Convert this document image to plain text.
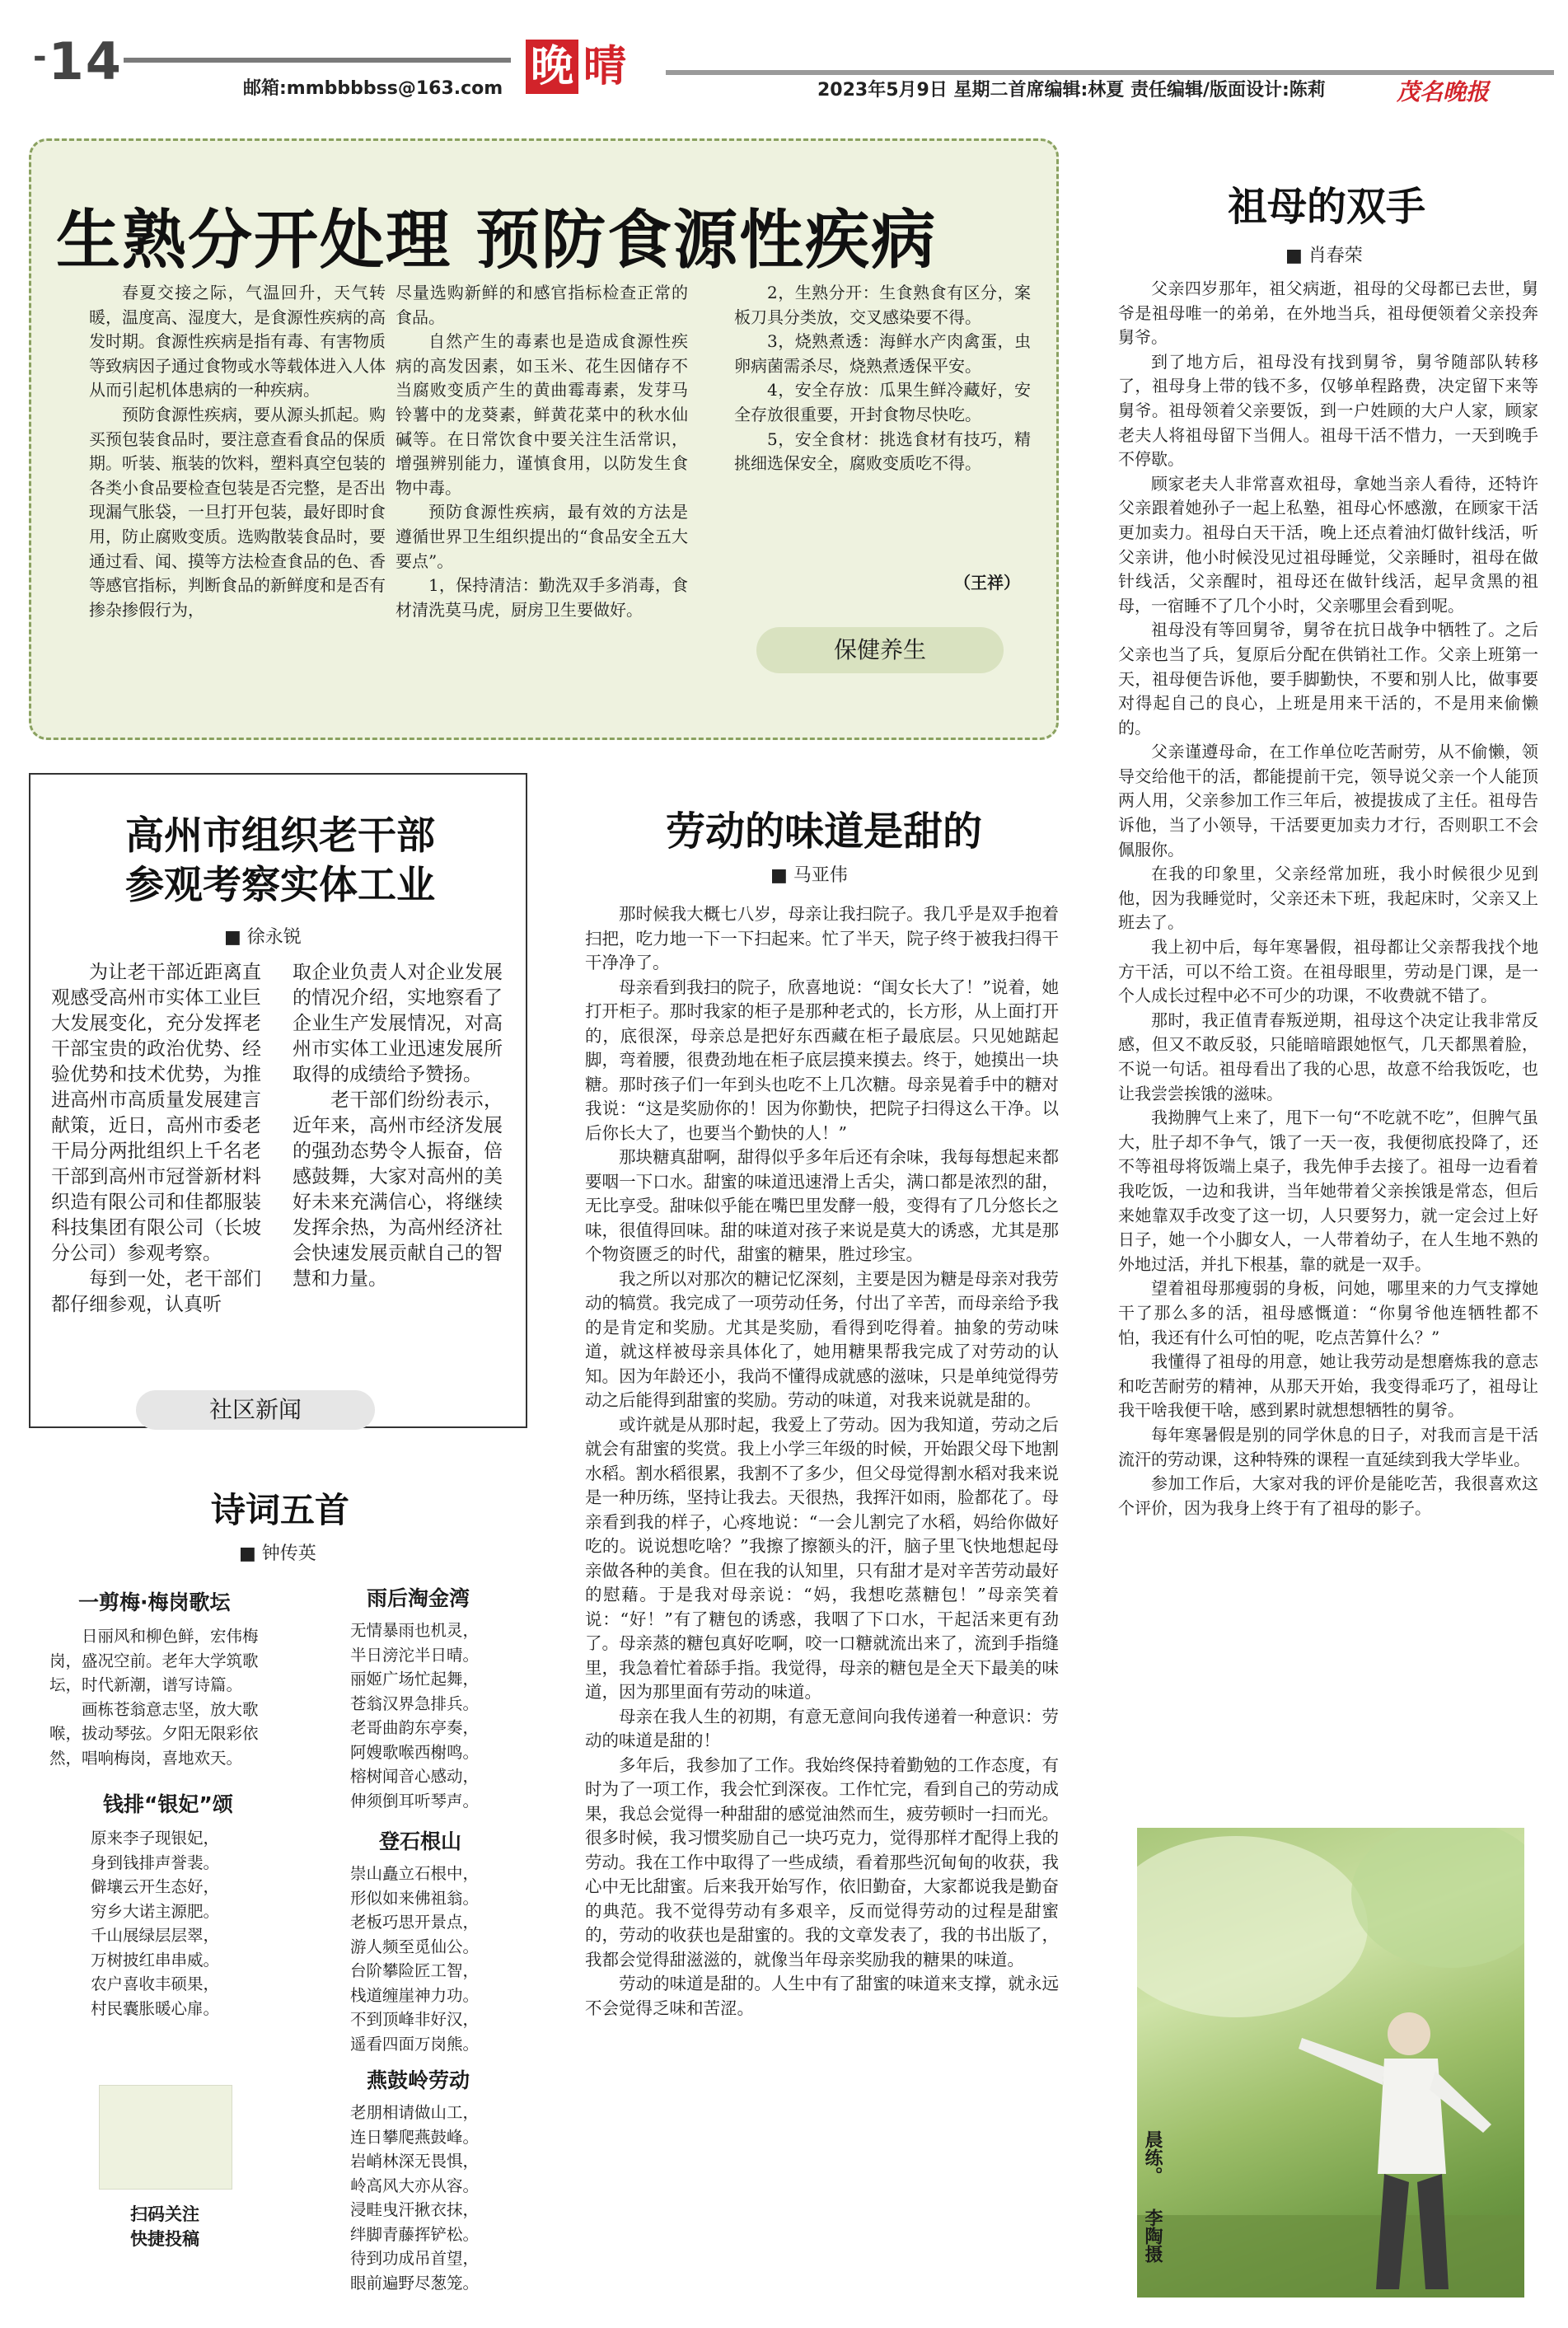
-14	邮箱:mmbbbbss@163.com 晚 晴	2023年5月9日 星期二首席编辑:林夏 责任编辑/版面设计:陈莉	茂名晚报
生熟分开处理 预防食源性疾病

春夏交接之际，气温回升，天气转暖，温度高、湿度大，是食源性疾病的高发时期。食源性疾病是指有毒、有害物质等致病因子通过食物或水等载体进入人体从而引起机体患病的一种疾病。

预防食源性疾病，要从源头抓起。购买预包装食品时，要注意查看食品的保质期。听装、瓶装的饮料，塑料真空包装的各类小食品要检查包装是否完整，是否出现漏气胀袋，一旦打开包装，最好即时食用，防止腐败变质。选购散装食品时，要通过看、闻、摸等方法检查食品的色、香等感官指标，判断食品的新鲜度和是否有掺杂掺假行为，

尽量选购新鲜的和感官指标检查正常的食品。

自然产生的毒素也是造成食源性疾病的高发因素，如玉米、花生因储存不当腐败变质产生的黄曲霉毒素，发芽马铃薯中的龙葵素，鲜黄花菜中的秋水仙碱等。在日常饮食中要关注生活常识，增强辨别能力，谨慎食用，以防发生食物中毒。

预防食源性疾病，最有效的方法是遵循世界卫生组织提出的“食品安全五大要点”。

1，保持清洁：勤洗双手多消毒，食材清洗莫马虎，厨房卫生要做好。

2，生熟分开：生食熟食有区分，案板刀具分类放，交叉感染要不得。

3，烧熟煮透：海鲜水产肉禽蛋，虫卵病菌需杀尽，烧熟煮透保平安。

4，安全存放：瓜果生鲜冷藏好，安全存放很重要，开封食物尽快吃。

5，安全食材：挑选食材有技巧，精挑细选保安全，腐败变质吃不得。

（王祥）
保健养生
祖母的双手
■ 肖春荣

父亲四岁那年，祖父病逝，祖母的父母都已去世，舅爷是祖母唯一的弟弟，在外地当兵，祖母便领着父亲投奔舅爷。

到了地方后，祖母没有找到舅爷，舅爷随部队转移了，祖母身上带的钱不多，仅够单程路费，决定留下来等舅爷。祖母领着父亲要饭，到一户姓顾的大户人家，顾家老夫人将祖母留下当佣人。祖母干活不惜力，一天到晚手不停歇。

顾家老夫人非常喜欢祖母，拿她当亲人看待，还特许父亲跟着她孙子一起上私塾，祖母心怀感激，在顾家干活更加卖力。祖母白天干活，晚上还点着油灯做针线活，听父亲讲，他小时候没见过祖母睡觉，父亲睡时，祖母在做针线活，父亲醒时，祖母还在做针线活，起早贪黑的祖母，一宿睡不了几个小时，父亲哪里会看到呢。

祖母没有等回舅爷，舅爷在抗日战争中牺牲了。之后父亲也当了兵，复原后分配在供销社工作。父亲上班第一天，祖母便告诉他，要手脚勤快，不要和别人比，做事要对得起自己的良心，上班是用来干活的，不是用来偷懒的。

父亲谨遵母命，在工作单位吃苦耐劳，从不偷懒，领导交给他干的活，都能提前干完，领导说父亲一个人能顶两人用，父亲参加工作三年后，被提拔成了主任。祖母告诉他，当了小领导，干活要更加卖力才行，否则职工不会佩服你。

在我的印象里，父亲经常加班，我小时候很少见到他，因为我睡觉时，父亲还未下班，我起床时，父亲又上班去了。

我上初中后，每年寒暑假，祖母都让父亲帮我找个地方干活，可以不给工资。在祖母眼里，劳动是门课，是一个人成长过程中必不可少的功课，不收费就不错了。

那时，我正值青春叛逆期，祖母这个决定让我非常反感，但又不敢反驳，只能暗暗跟她怄气，几天都黑着脸，不说一句话。祖母看出了我的心思，故意不给我饭吃，也让我尝尝挨饿的滋味。

我拗脾气上来了，甩下一句“不吃就不吃”，但脾气虽大，肚子却不争气，饿了一天一夜，我便彻底投降了，还不等祖母将饭端上桌子，我先伸手去接了。祖母一边看着我吃饭，一边和我讲，当年她带着父亲挨饿是常态，但后来她靠双手改变了这一切，人只要努力，就一定会过上好日子，她一个小脚女人，一人带着幼子，在人生地不熟的外地过活，并扎下根基，靠的就是一双手。

望着祖母那瘦弱的身板，问她，哪里来的力气支撑她干了那么多的活，祖母感慨道：“你舅爷他连牺牲都不怕，我还有什么可怕的呢，吃点苦算什么？”

我懂得了祖母的用意，她让我劳动是想磨炼我的意志和吃苦耐劳的精神，从那天开始，我变得乖巧了，祖母让我干啥我便干啥，感到累时就想想牺牲的舅爷。

每年寒暑假是别的同学休息的日子，对我而言是干活流汗的劳动课，这种特殊的课程一直延续到我大学毕业。

参加工作后，大家对我的评价是能吃苦，我很喜欢这个评价，因为我身上终于有了祖母的影子。

晨练。
李陶摄
高州市组织老干部
参观考察实体工业
■ 徐永锐

为让老干部近距离直观感受高州市实体工业巨大发展变化，充分发挥老干部宝贵的政治优势、经验优势和技术优势，为推进高州市高质量发展建言献策，近日，高州市委老干局分两批组织上千名老干部到高州市冠誉新材料织造有限公司和佳都服装科技集团有限公司（长坡分公司）参观考察。

每到一处，老干部们都仔细参观，认真听

取企业负责人对企业发展的情况介绍，实地察看了企业生产发展情况，对高州市实体工业迅速发展所取得的成绩给予赞扬。

老干部们纷纷表示，近年来，高州市经济发展的强劲态势令人振奋，倍感鼓舞，大家对高州的美好未来充满信心，将继续发挥余热，为高州经济社会快速发展贡献自己的智慧和力量。

社区新闻
劳动的味道是甜的
■ 马亚伟

那时候我大概七八岁，母亲让我扫院子。我几乎是双手抱着扫把，吃力地一下一下扫起来。忙了半天，院子终于被我扫得干干净净了。

母亲看到我扫的院子，欣喜地说：“闺女长大了！”说着，她打开柜子。那时我家的柜子是那种老式的，长方形，从上面打开的，底很深，母亲总是把好东西藏在柜子最底层。只见她踮起脚，弯着腰，很费劲地在柜子底层摸来摸去。终于，她摸出一块糖。那时孩子们一年到头也吃不上几次糖。母亲晃着手中的糖对我说：“这是奖励你的！因为你勤快，把院子扫得这么干净。以后你长大了，也要当个勤快的人！”

那块糖真甜啊，甜得似乎多年后还有余味，我每每想起来都要咽一下口水。甜蜜的味道迅速滑上舌尖，满口都是浓烈的甜，无比享受。甜味似乎能在嘴巴里发酵一般，变得有了几分悠长之味，很值得回味。甜的味道对孩子来说是莫大的诱惑，尤其是那个物资匮乏的时代，甜蜜的糖果，胜过珍宝。

我之所以对那次的糖记忆深刻，主要是因为糖是母亲对我劳动的犒赏。我完成了一项劳动任务，付出了辛苦，而母亲给予我的是肯定和奖励。尤其是奖励，看得到吃得着。抽象的劳动味道，就这样被母亲具体化了，她用糖果帮我完成了对劳动的认知。因为年龄还小，我尚不懂得成就感的滋味，只是单纯觉得劳动之后能得到甜蜜的奖励。劳动的味道，对我来说就是甜的。

或许就是从那时起，我爱上了劳动。因为我知道，劳动之后就会有甜蜜的奖赏。我上小学三年级的时候，开始跟父母下地割水稻。割水稻很累，我割不了多少，但父母觉得割水稻对我来说是一种历练，坚持让我去。天很热，我挥汗如雨，脸都花了。母亲看到我的样子，心疼地说：“一会儿割完了水稻，妈给你做好吃的。说说想吃啥？”我擦了擦额头的汗，脑子里飞快地想起母亲做各种的美食。但在我的认知里，只有甜才是对辛苦劳动最好的慰藉。于是我对母亲说：“妈，我想吃蒸糖包！”母亲笑着说：“好！”有了糖包的诱惑，我咽了下口水，干起活来更有劲了。母亲蒸的糖包真好吃啊，咬一口糖就流出来了，流到手指缝里，我急着忙着舔手指。我觉得，母亲的糖包是全天下最美的味道，因为那里面有劳动的味道。

母亲在我人生的初期，有意无意间向我传递着一种意识：劳动的味道是甜的！

多年后，我参加了工作。我始终保持着勤勉的工作态度，有时为了一项工作，我会忙到深夜。工作忙完，看到自己的劳动成果，我总会觉得一种甜甜的感觉油然而生，疲劳顿时一扫而光。很多时候，我习惯奖励自己一块巧克力，觉得那样才配得上我的劳动。我在工作中取得了一些成绩，看着那些沉甸甸的收获，我心中无比甜蜜。后来我开始写作，依旧勤奋，大家都说我是勤奋的典范。我不觉得劳动有多艰辛，反而觉得劳动的过程是甜蜜的，劳动的收获也是甜蜜的。我的文章发表了，我的书出版了，我都会觉得甜滋滋的，就像当年母亲奖励我的糖果的味道。

劳动的味道是甜的。人生中有了甜蜜的味道来支撑，就永远不会觉得乏味和苦涩。

诗词五首
■ 钟传英
一剪梅·梅岗歌坛
日丽风和柳色鲜，宏伟梅
岗，盛况空前。老年大学筑歌
坛，时代新潮，谱写诗篇。
画栋苍翁意志坚，放大歌
喉，拔动琴弦。夕阳无限彩依
然，唱响梅岗，喜地欢天。
钱排“银妃”颂
原来李子现银妃，
身到钱排声誉裴。
僻壤云开生态好，
穷乡大诺主源肥。
千山展绿层层翠，
万树披红串串威。
农户喜收丰硕果，
村民囊胀暖心扉。
扫码关注
快捷投稿
雨后淘金湾
无情暴雨也机灵，
半日滂沱半日晴。
丽姬广场忙起舞，
苍翁汉界急排兵。
老哥曲韵东亭奏，
阿嫂歌喉西榭鸣。
榕树闻音心感动，
伸须倒耳听琴声。
登石根山
崇山矗立石根中，
形似如来佛祖翁。
老板巧思开景点，
游人频至觅仙公。
台阶攀险匠工智，
栈道缠崖神力功。
不到顶峰非好汉，
遥看四面万岗熊。
燕鼓岭劳动
老朋相请做山工，
连日攀爬燕鼓峰。
岩峭林深无畏惧，
岭高风大亦从容。
浸畦曳汗揪衣抹，
绊脚青藤挥铲松。
待到功成吊首望，
眼前遍野尽葱笼。
